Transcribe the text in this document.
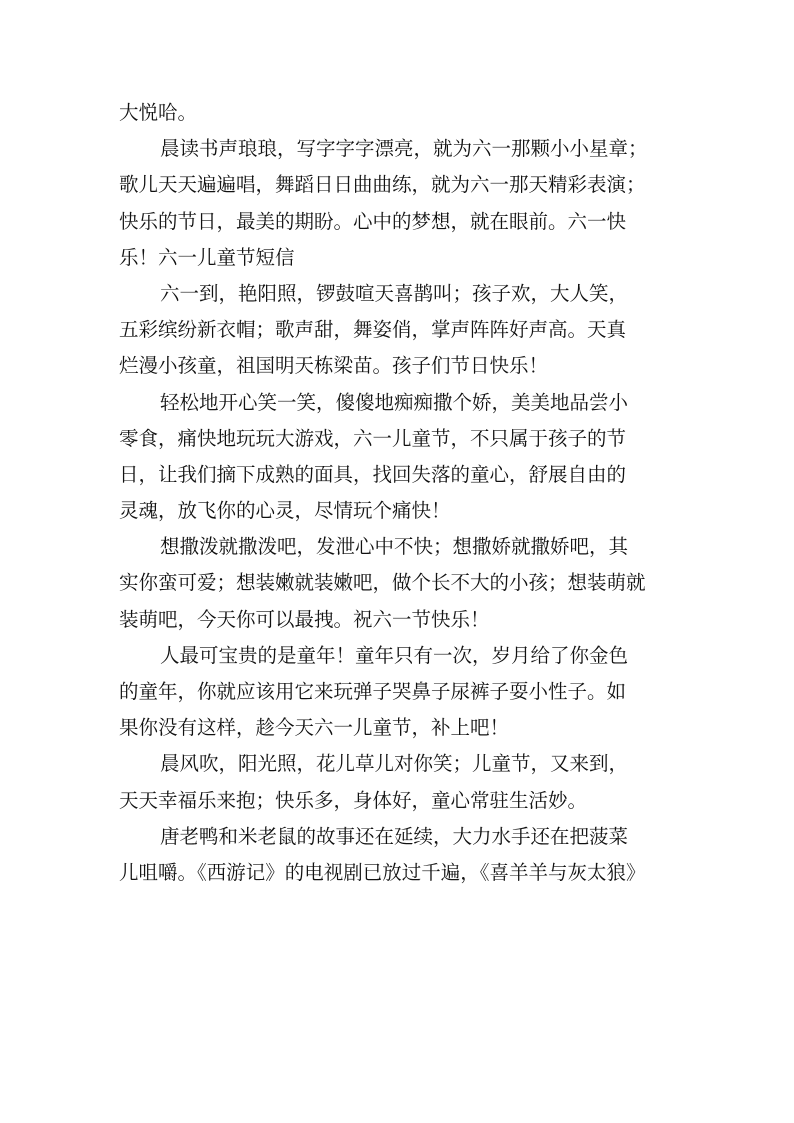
大悦哈。
晨读书声琅琅，写字字字漂亮，就为六一那颗小小星章；
歌儿天天遍遍唱，舞蹈日日曲曲练，就为六一那天精彩表演；
快乐的节日，最美的期盼。心中的梦想，就在眼前。六一快
乐！六一儿童节短信
六一到，艳阳照，锣鼓喧天喜鹊叫；孩子欢，大人笑，
五彩缤纷新衣帽；歌声甜，舞姿俏，掌声阵阵好声高。天真
烂漫小孩童，祖国明天栋梁苗。孩子们节日快乐！
轻松地开心笑一笑，傻傻地痴痴撒个娇，美美地品尝小
零食，痛快地玩玩大游戏，六一儿童节，不只属于孩子的节
日，让我们摘下成熟的面具，找回失落的童心，舒展自由的
灵魂，放飞你的心灵，尽情玩个痛快！
想撒泼就撒泼吧，发泄心中不快；想撒娇就撒娇吧，其
实你蛮可爱；想装嫩就装嫩吧，做个长不大的小孩；想装萌就
装萌吧，今天你可以最拽。祝六一节快乐！
人最可宝贵的是童年！童年只有一次，岁月给了你金色
的童年，你就应该用它来玩弹子哭鼻子尿裤子耍小性子。如
果你没有这样，趁今天六一儿童节，补上吧！
晨风吹，阳光照，花儿草儿对你笑；儿童节，又来到，
天天幸福乐来抱；快乐多，身体好，童心常驻生活妙。
唐老鸭和米老鼠的故事还在延续，大力水手还在把菠菜
儿咀嚼。《西游记》的电视剧已放过千遍，《喜羊羊与灰太狼》
